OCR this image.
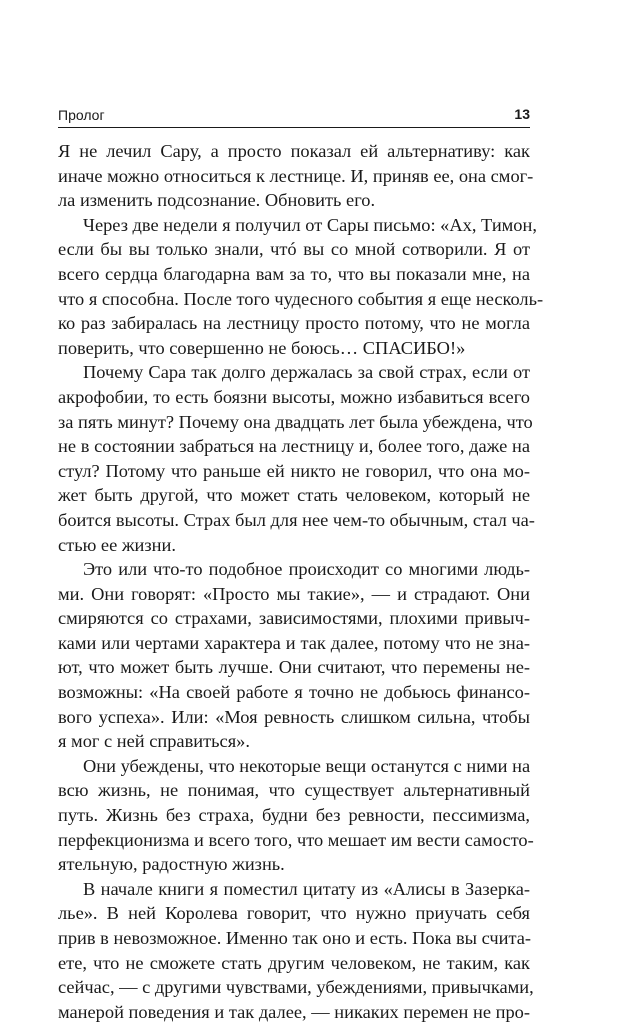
Пролог	13
Я не лечил Сару, а просто показал ей альтернативу: как
иначе можно относиться к лестнице. И, приняв ее, она смог-
ла изменить подсознание. Обновить его.
Через две недели я получил от Сары письмо: «Ах, Тимон,
если бы вы только знали, чтó вы со мной сотворили. Я от
всего сердца благодарна вам за то, что вы показали мне, на
что я способна. После того чудесного события я еще несколь-
ко раз забиралась на лестницу просто потому, что не могла
поверить, что совершенно не боюсь… СПАСИБО!»
Почему Сара так долго держалась за свой страх, если от
акрофобии, то есть боязни высоты, можно избавиться всего
за пять минут? Почему она двадцать лет была убеждена, что
не в состоянии забраться на лестницу и, более того, даже на
стул? Потому что раньше ей никто не говорил, что она мо-
жет быть другой, что может стать человеком, который не
боится высоты. Страх был для нее чем-то обычным, стал ча-
стью ее жизни.
Это или что-то подобное происходит со многими людь-
ми. Они говорят: «Просто мы такие», — и страдают. Они
смиряются со страхами, зависимостями, плохими привыч-
ками или чертами характера и так далее, потому что не зна-
ют, что может быть лучше. Они считают, что перемены не-
возможны: «На своей работе я точно не добьюсь финансо-
вого успеха». Или: «Моя ревность слишком сильна, чтобы
я мог с ней справиться».
Они убеждены, что некоторые вещи останутся с ними на
всю жизнь, не понимая, что существует альтернативный
путь. Жизнь без страха, будни без ревности, пессимизма,
перфекционизма и всего того, что мешает им вести самосто-
ятельную, радостную жизнь.
В начале книги я поместил цитату из «Алисы в Зазерка-
лье». В ней Королева говорит, что нужно приучать себя
прив в невозможное. Именно так оно и есть. Пока вы счита-
ете, что не сможете стать другим человеком, не таким, как
сейчас, — с другими чувствами, убеждениями, привычками,
манерой поведения и так далее, — никаких перемен не про-
